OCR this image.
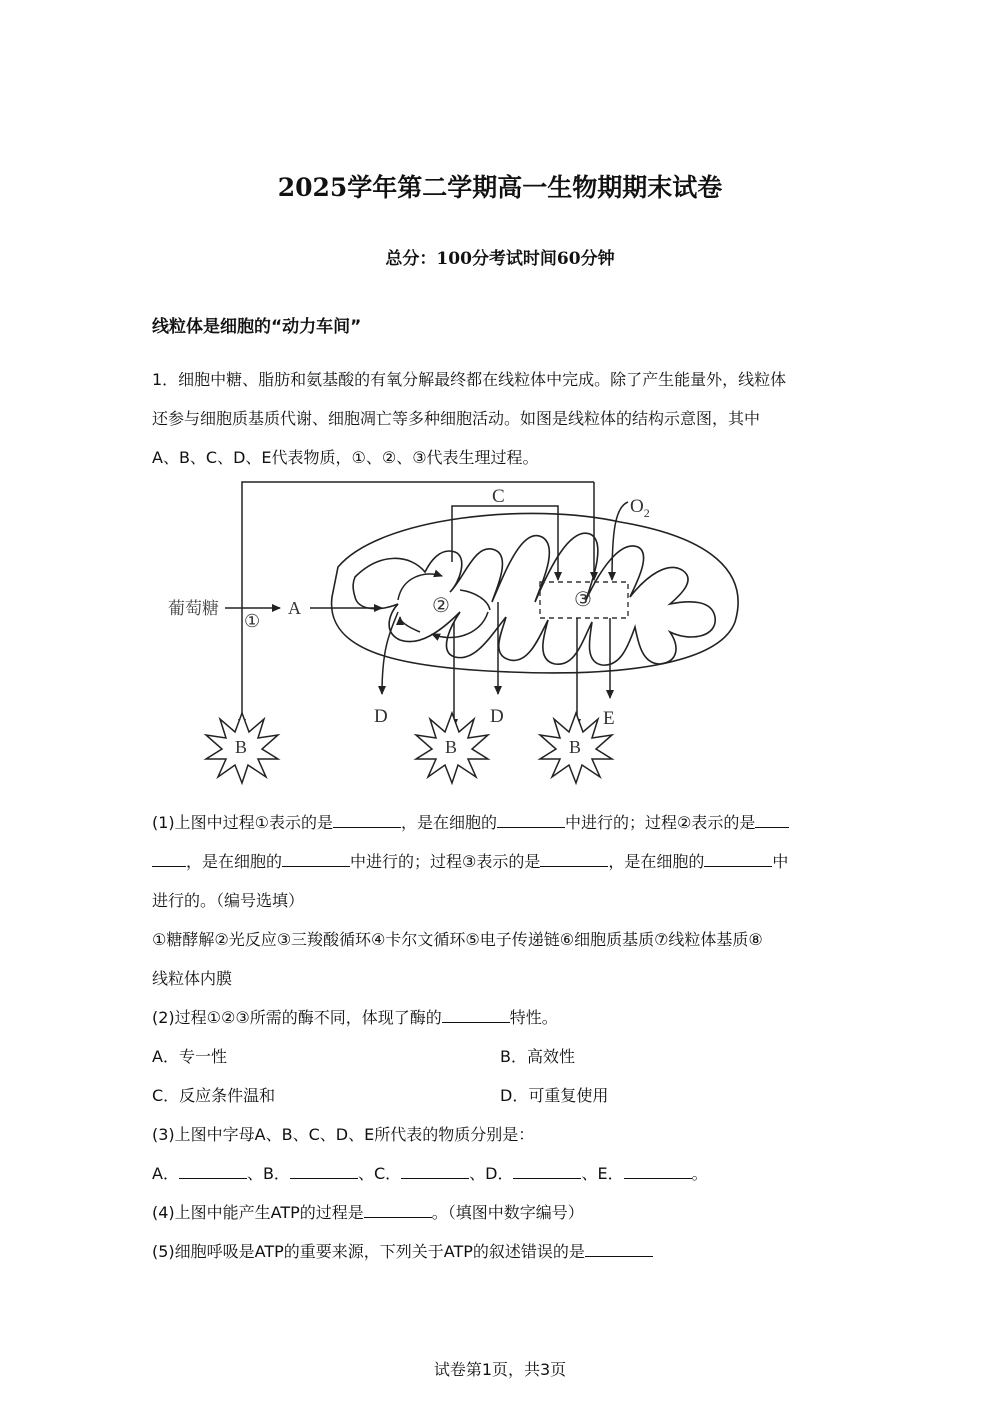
2025学年第二学期高一生物期期末试卷
总分：100分考试时间60分钟
线粒体是细胞的“动力车间”
1．细胞中糖、脂肪和氨基酸的有氧分解最终都在线粒体中完成。除了产生能量外，线粒体
还参与细胞质基质代谢、细胞凋亡等多种细胞活动。如图是线粒体的结构示意图，其中
A、B、C、D、E代表物质，①、②、③代表生理过程。
葡萄糖
①
A
C	$O_2$
②	③
D	D	E
B	B	B
(1)上图中过程①表示的是	，是在细胞的	中进行的；过程②表示的是
，是在细胞的	中进行的；过程③表示的是	，是在细胞的	中
进行的。（编号选填）
①糖酵解②光反应③三羧酸循环④卡尔文循环⑤电子传递链⑥细胞质基质⑦线粒体基质⑧
线粒体内膜
(2)过程①②③所需的酶不同，体现了酶的	特性。
A．专一性	B．高效性
C．反应条件温和	D．可重复使用
(3)上图中字母A、B、C、D、E所代表的物质分别是：
A．	、B．	、C．	、D．	、E．	。
(4)上图中能产生ATP的过程是	。（填图中数字编号）
(5)细胞呼吸是ATP的重要来源，下列关于ATP的叙述错误的是
试卷第1页，共3页
